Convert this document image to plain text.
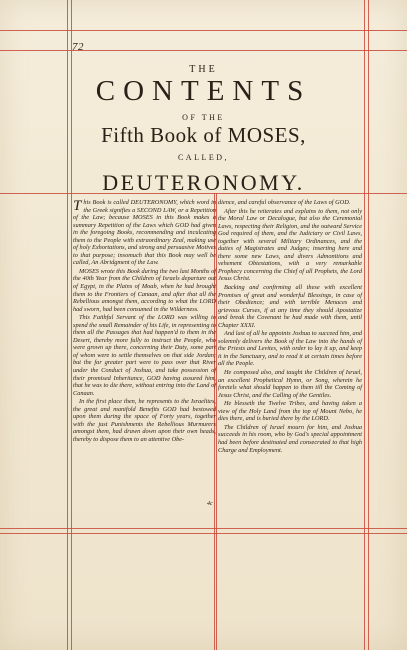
72
THE
CONTENTS
OF THE
Fifth Book of MOSES,
CALLED,
DEUTERONOMY.

This Book is called DEUTERONOMY, which word in the Greek signifies a SECOND LAW, or a Repetition of the Law; because MOSES in this Book makes a summary Repetition of the Laws which GOD had given in the foregoing Books, recommending and inculcating them to the People with extraordinary Zeal, making use of holy Exhortations, and strong and persuasive Motives to that purpose; insomuch that this Book may well be called, An Abridgment of the Law.

MOSES wrote this Book during the two last Months of the 40th Year from the Children of Israels departure out of Egypt, in the Plains of Moab, when he had brought them to the Frontiers of Canaan, and after that all the Rebellious amongst them, according to what the LORD had sworn, had been consumed in the Wilderness.

This Faithful Servant of the LORD was willing to spend the small Remainder of his Life, in representing to them all the Passages that had happen'd to them in the Desert, thereby more fully to instruct the People, who were grown up there, concerning their Duty, some part of whom were to settle themselves on that side Jordan; but the far greater part were to pass over that River under the Conduct of Joshua, and take possession of their promised Inheritance, GOD having assured him, that he was to die there, without entring into the Land of Canaan.

In the first place then, he represents to the Israelites, the great and manifold Benefits GOD had bestowed upon them during the space of Forty years, together with the just Punishments the Rebellious Murmurers amongst them, had drawn down upon their own heads, thereby to dispose them to an attentive Obe-

4c

dience, and careful observance of the Laws of GOD.

After this he reiterates and explains to them, not only the Moral Law or Decalogue, but also the Ceremonial Laws, respecting their Religion, and the outward Service God required of them, and the Judiciary or Civil Laws, together with several Military Ordinances, and the duties of Magistrates and Judges; inserting here and there some new Laws, and divers Admonitions and vehement Obtestations, with a very remarkable Prophecy concerning the Chief of all Prophets, the Lord Jesus Christ.

Backing and confirming all these with excellent Promises of great and wonderful Blessings, in case of their Obedience; and with terrible Menaces and grievous Curses, if at any time they should Apostatize and break the Covenant he had made with them, until Chapter XXXI.

And last of all he appoints Joshua to succeed him, and solemnly delivers the Book of the Law into the hands of the Priests and Levites, with order to lay it up, and keep it in the Sanctuary, and to read it at certain times before all the People.

He composed also, and taught the Children of Israel, an excellent Prophetical Hymn, or Song, wherein he foretels what should happen to them till the Coming of Jesus Christ, and the Calling of the Gentiles.

He blesseth the Twelve Tribes, and having taken a view of the Holy Land from the top of Mount Nebo, he dies there, and is buried there by the LORD.

The Children of Israel mourn for him, and Joshua succeeds in his room, who by God's special appointment had been before destinated and consecrated to that high Charge and Employment.
